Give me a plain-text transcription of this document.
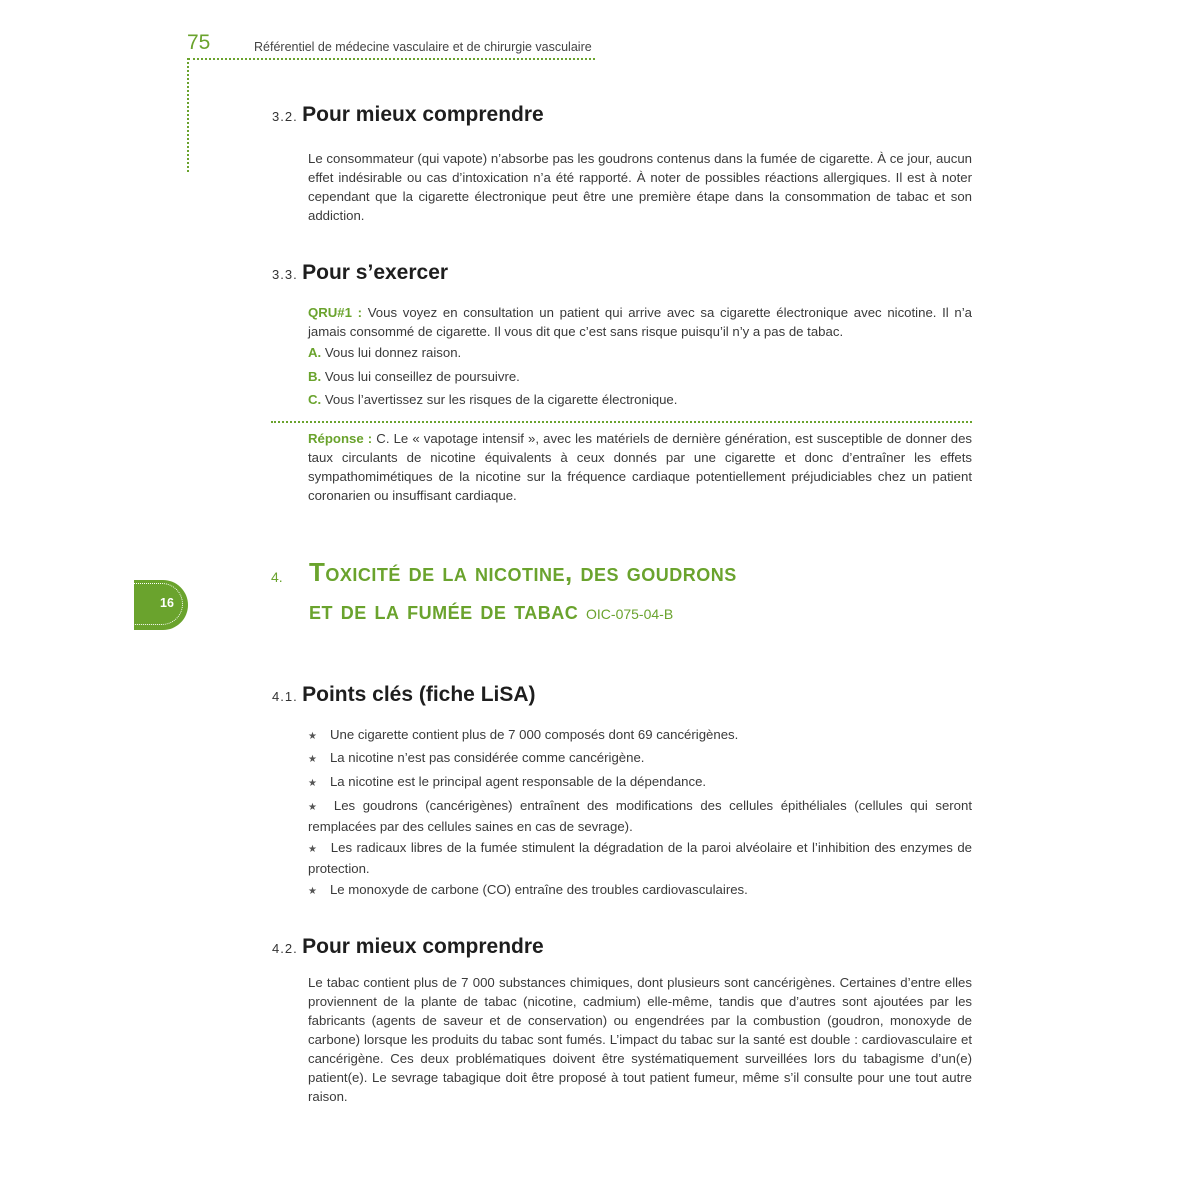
75	Référentiel de médecine vasculaire et de chirurgie vasculaire
3.2. Pour mieux comprendre
Le consommateur (qui vapote) n’absorbe pas les goudrons contenus dans la fumée de cigarette. À ce jour, aucun effet indésirable ou cas d’intoxication n’a été rapporté. À noter de possibles réactions allergiques. Il est à noter cependant que la cigarette électronique peut être une première étape dans la consommation de tabac et son addiction.
3.3. Pour s’exercer
QRU#1 : Vous voyez en consultation un patient qui arrive avec sa cigarette électronique avec nicotine. Il n’a jamais consommé de cigarette. Il vous dit que c’est sans risque puisqu’il n’y a pas de tabac.
A. Vous lui donnez raison.
B. Vous lui conseillez de poursuivre.
C. Vous l’avertissez sur les risques de la cigarette électronique.
Réponse : C. Le « vapotage intensif », avec les matériels de dernière génération, est susceptible de donner des taux circulants de nicotine équivalents à ceux donnés par une cigarette et donc d’entraîner les effets sympathomimétiques de la nicotine sur la fréquence cardiaque potentiellement préjudiciables chez un patient coronarien ou insuffisant cardiaque.
4. Toxicité de la nicotine, des goudrons
et de la fumée de tabac OIC-075-04-B
16
4.1. Points clés (fiche LiSA)
★ Une cigarette contient plus de 7 000 composés dont 69 cancérigènes.
★ La nicotine n’est pas considérée comme cancérigène.
★ La nicotine est le principal agent responsable de la dépendance.
★ Les goudrons (cancérigènes) entraînent des modifications des cellules épithéliales (cellules qui seront remplacées par des cellules saines en cas de sevrage).
★ Les radicaux libres de la fumée stimulent la dégradation de la paroi alvéolaire et l’inhibition des enzymes de protection.
★ Le monoxyde de carbone (CO) entraîne des troubles cardiovasculaires.
4.2. Pour mieux comprendre
Le tabac contient plus de 7 000 substances chimiques, dont plusieurs sont cancérigènes. Certaines d’entre elles proviennent de la plante de tabac (nicotine, cadmium) elle-même, tandis que d’autres sont ajoutées par les fabricants (agents de saveur et de conservation) ou engendrées par la combustion (goudron, monoxyde de carbone) lorsque les produits du tabac sont fumés. L’impact du tabac sur la santé est double : cardiovasculaire et cancérigène. Ces deux problématiques doivent être systématiquement surveillées lors du tabagisme d’un(e) patient(e). Le sevrage tabagique doit être proposé à tout patient fumeur, même s’il consulte pour une tout autre raison.
